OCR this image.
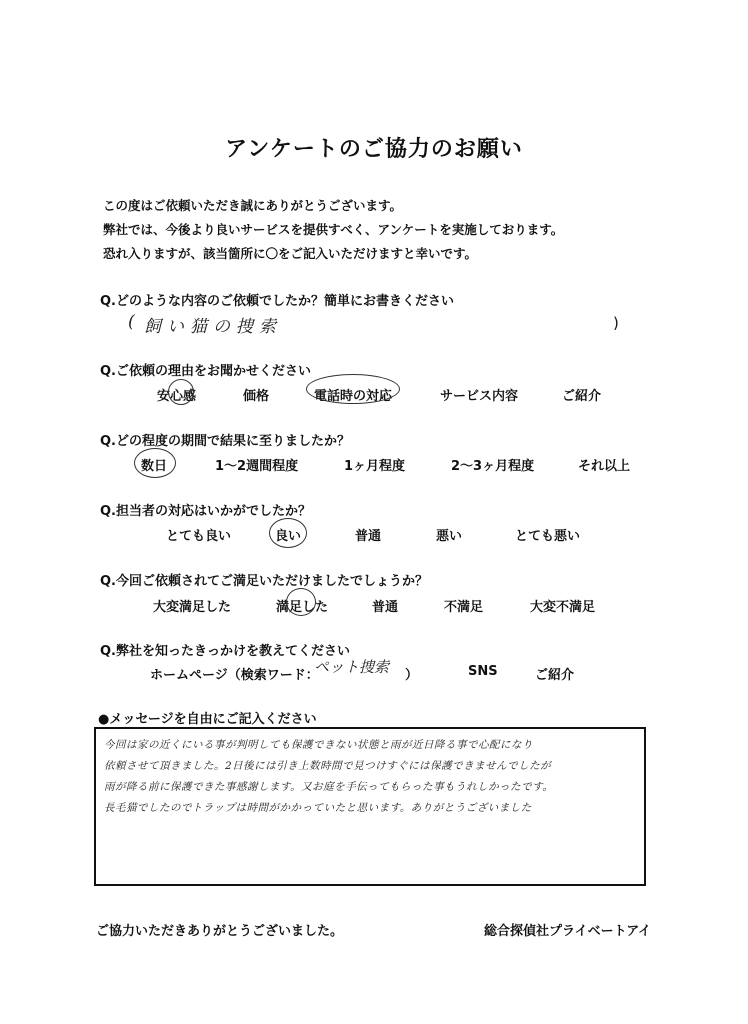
アンケートのご協力のお願い
この度はご依頼いただき誠にありがとうございます。
弊社では、今後より良いサービスを提供すべく、アンケートを実施しております。
恐れ入りますが、該当箇所に〇をご記入いただけますと幸いです。
Q.どのような内容のご依頼でしたか？簡単にお書きください
( 飼い猫の捜索	)
Q.ご依頼の理由をお聞かせください
安心感	価格	電話時の対応	サービス内容	ご紹介
Q.どの程度の期間で結果に至りましたか？
数日	1～2週間程度	1ヶ月程度	2～3ヶ月程度	それ以上
Q.担当者の対応はいかがでしたか？
とても良い	良い	普通	悪い	とても悪い
Q.今回ご依頼されてご満足いただけましたでしょうか？
大変満足した	満足した	普通	不満足	大変不満足
Q.弊社を知ったきっかけを教えてください
ホームページ（検索ワード：
ペット捜索 ）	SNS	ご紹介
●メッセージを自由にご記入ください
今回は家の近くにいる事が判明しても保護できない状態と雨が近日降る事で心配になり
依頼させて頂きました。2日後には引き上数時間で見つけすぐには保護できませんでしたが
雨が降る前に保護できた事感謝します。又お庭を手伝ってもらった事もうれしかったです。
長毛猫でしたのでトラップは時間がかかっていたと思います。ありがとうございました
ご協力いただきありがとうございました。	総合探偵社プライベートアイ
